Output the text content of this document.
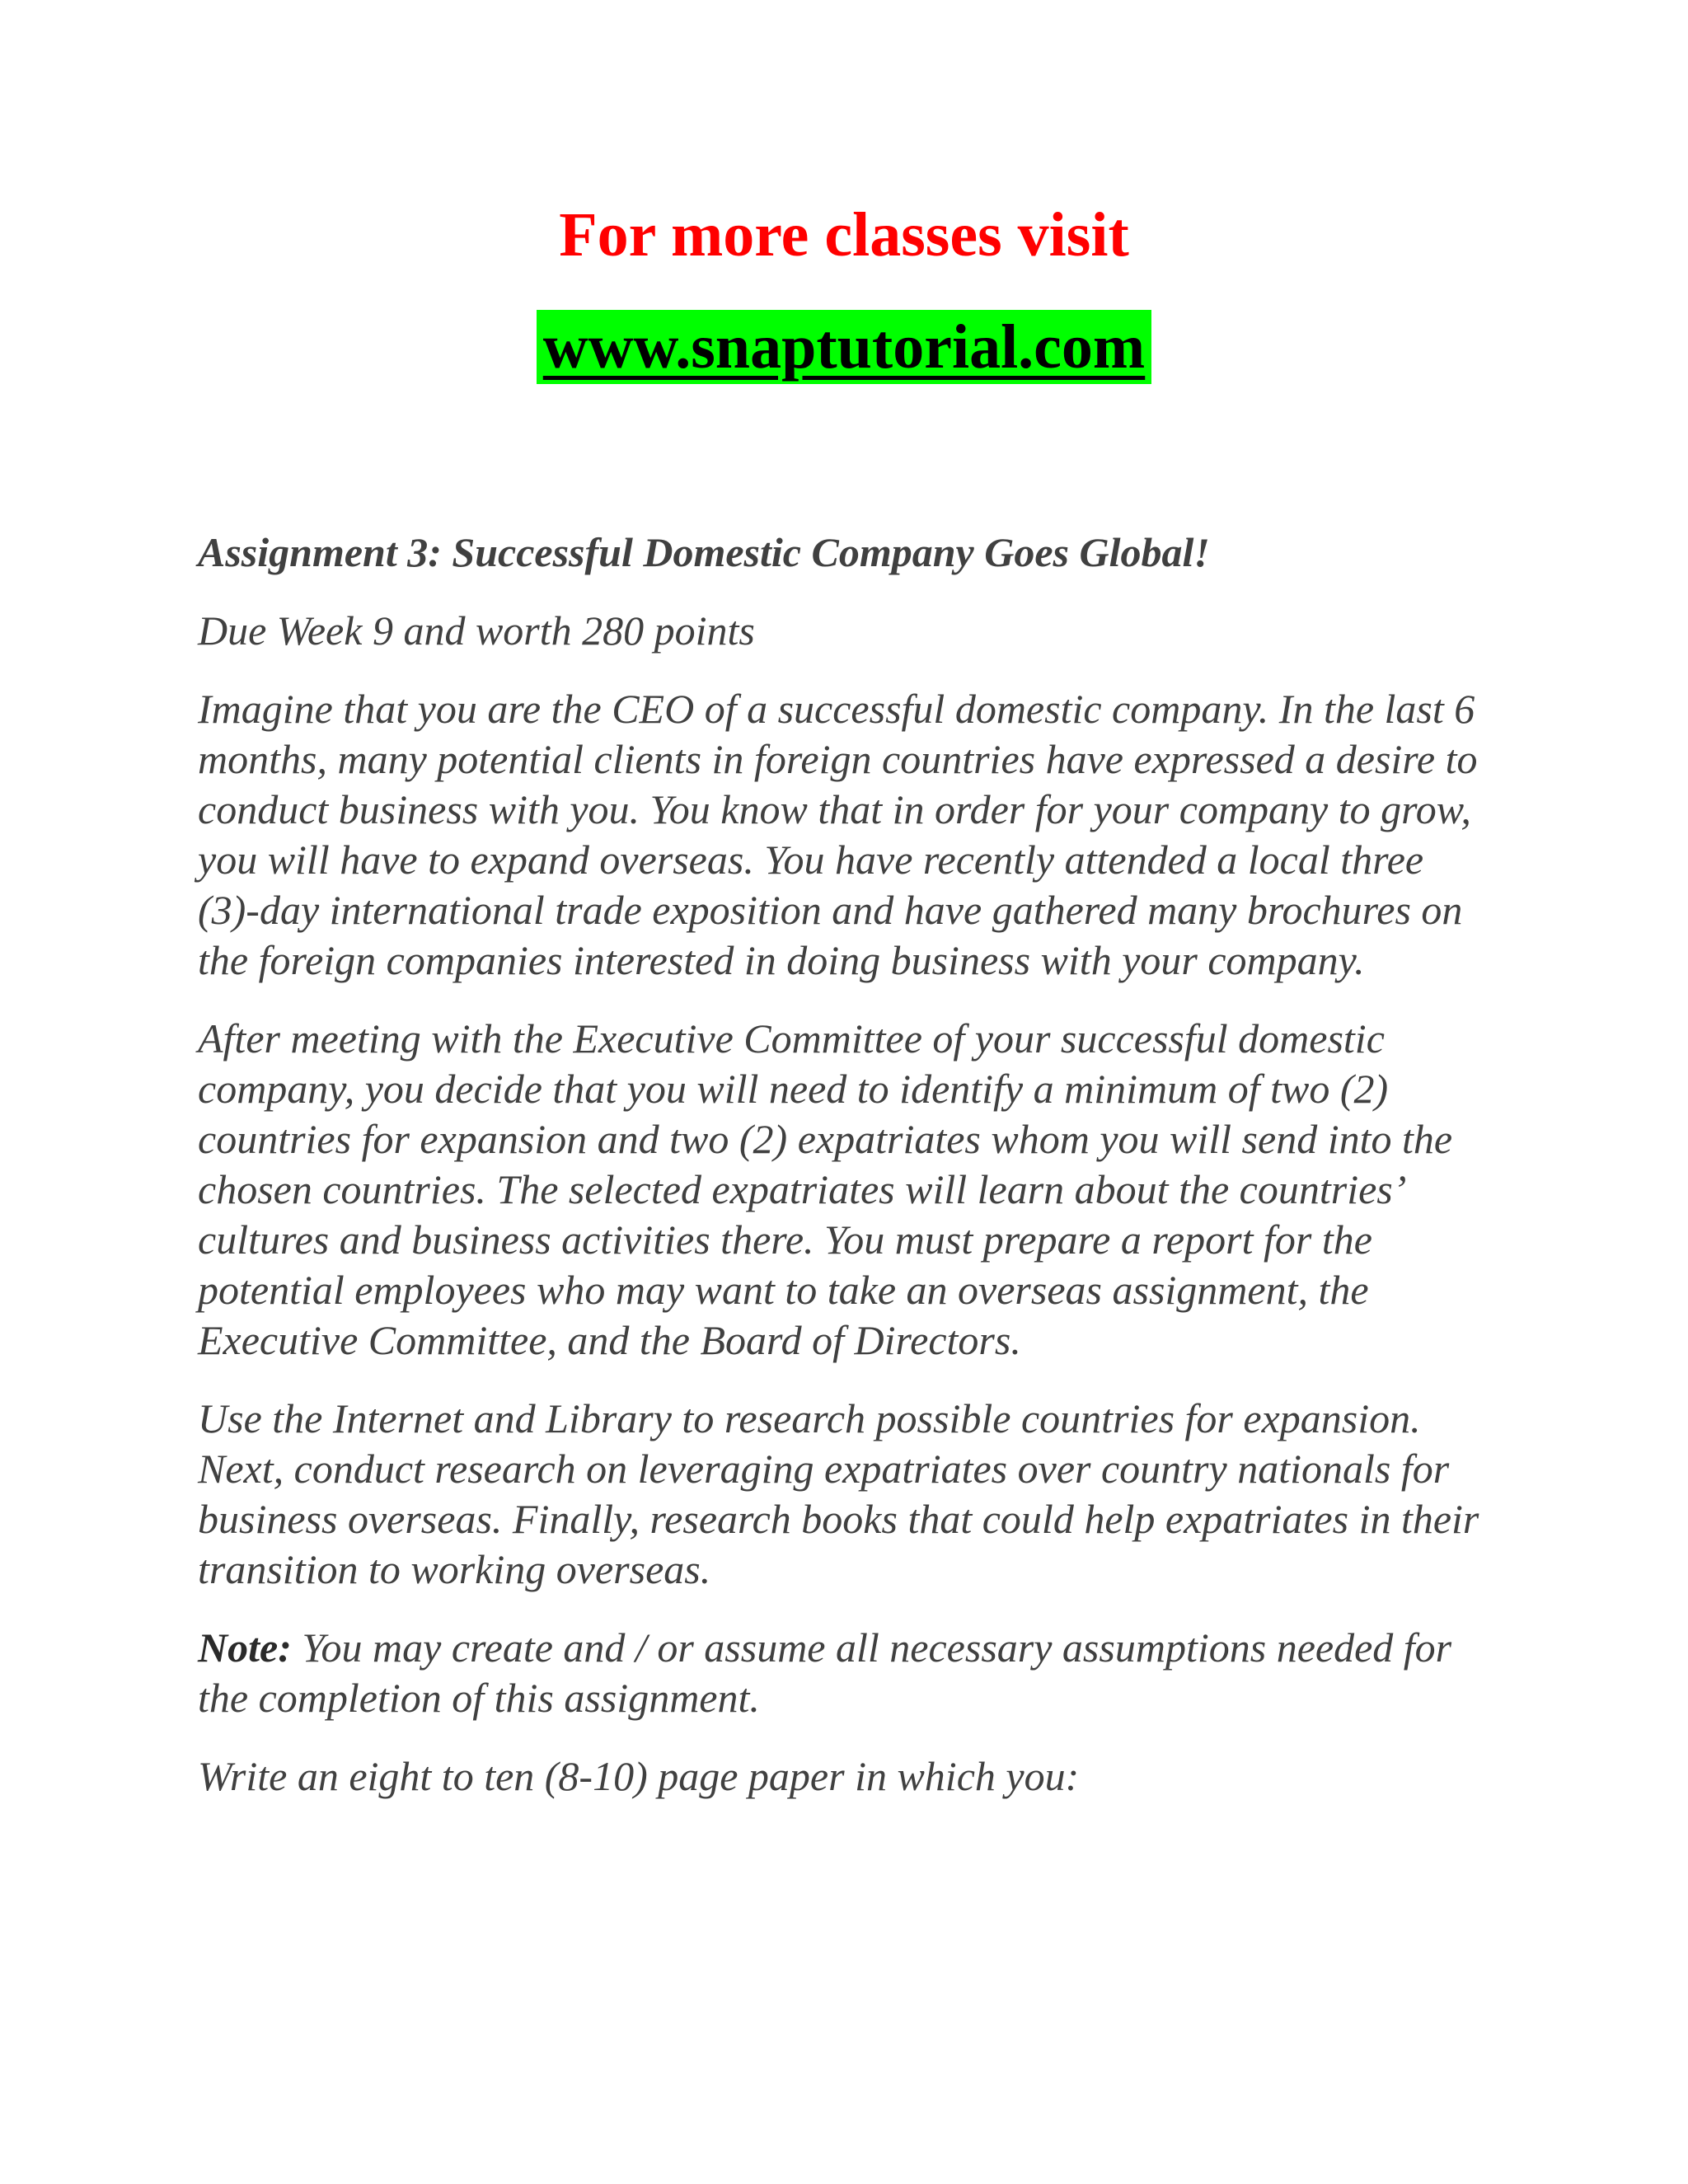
For more classes visit
www.snaptutorial.com

Assignment 3: Successful Domestic Company Goes Global!

Due Week 9 and worth 280 points

Imagine that you are the CEO of a successful domestic company. In the last 6 months, many potential clients in foreign countries have expressed a desire to conduct business with you. You know that in order for your company to grow, you will have to expand overseas. You have recently attended a local three (3)-day international trade exposition and have gathered many brochures on the foreign companies interested in doing business with your company.

After meeting with the Executive Committee of your successful domestic company, you decide that you will need to identify a minimum of two (2) countries for expansion and two (2) expatriates whom you will send into the chosen countries. The selected expatriates will learn about the countries’ cultures and business activities there. You must prepare a report for the potential employees who may want to take an overseas assignment, the Executive Committee, and the Board of Directors.

Use the Internet and Library to research possible countries for expansion. Next, conduct research on leveraging expatriates over country nationals for business overseas. Finally, research books that could help expatriates in their transition to working overseas.

Note: You may create and / or assume all necessary assumptions needed for the completion of this assignment.

Write an eight to ten (8-10) page paper in which you:
